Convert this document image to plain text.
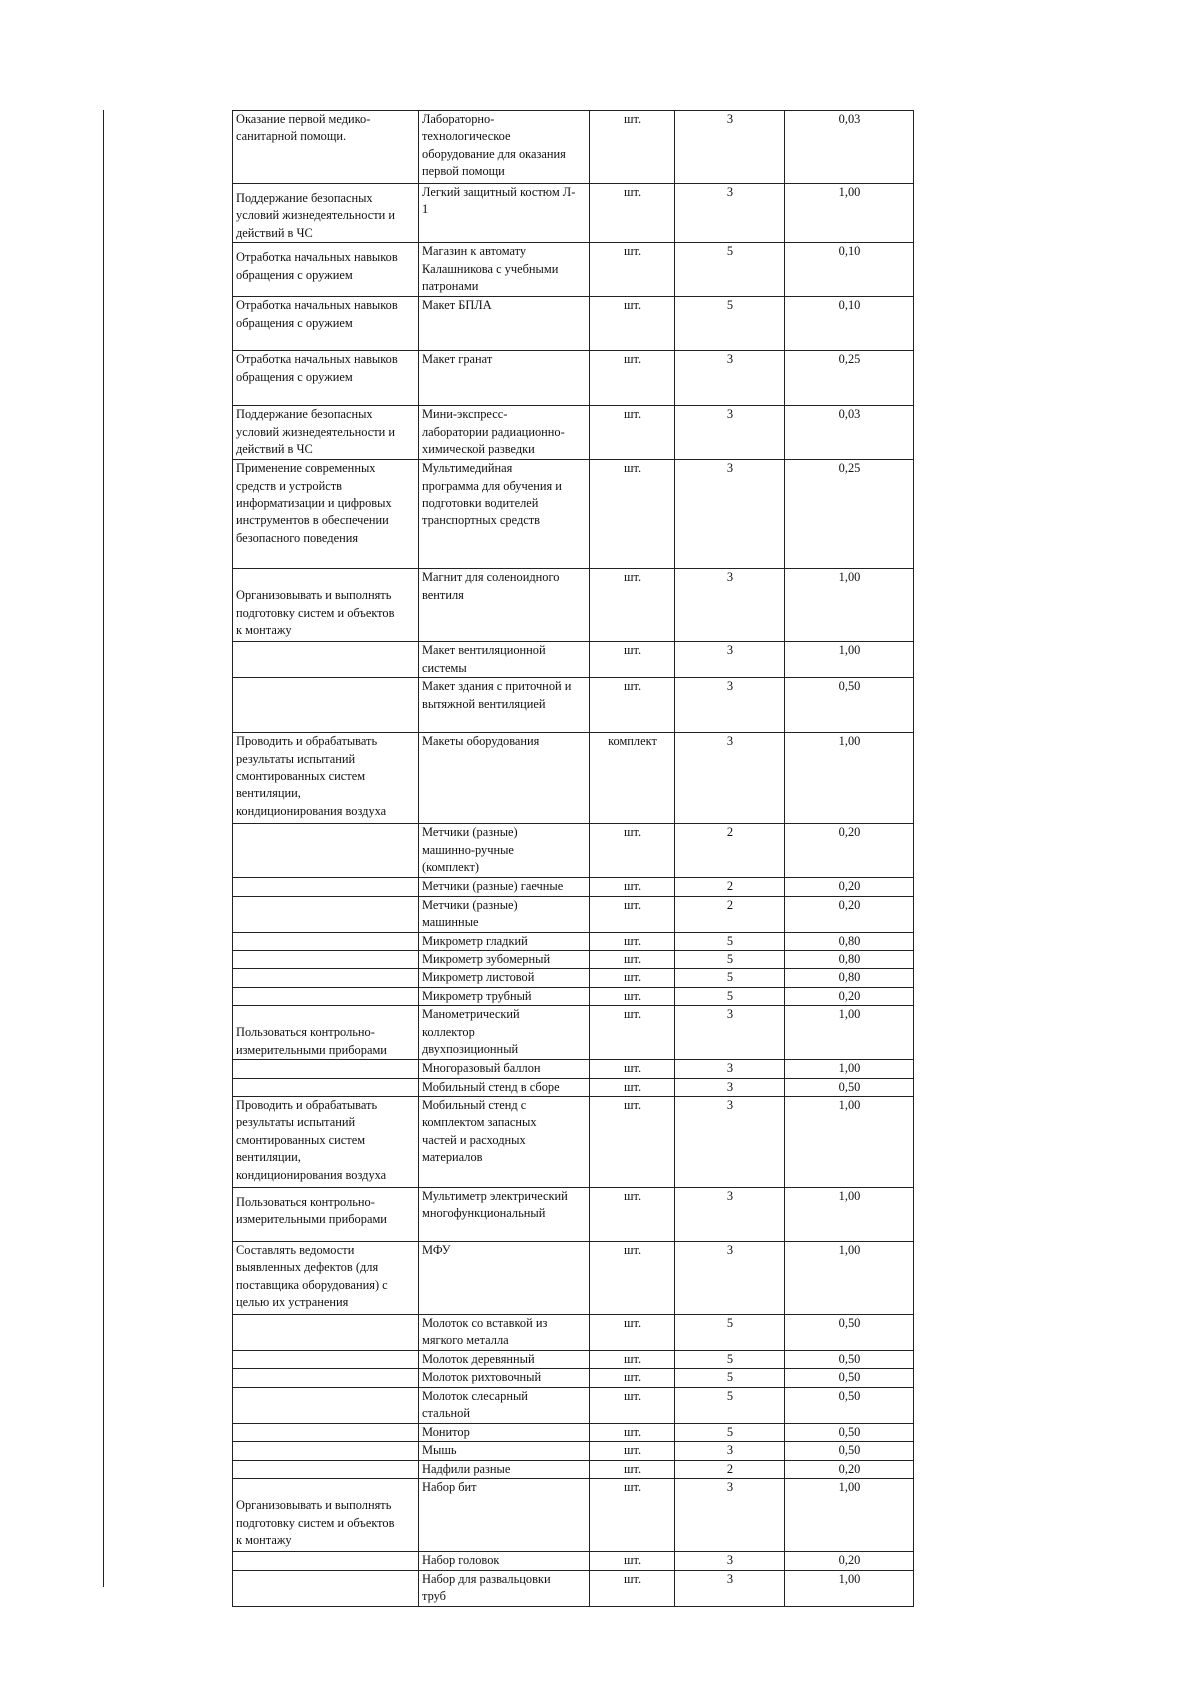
Оказание первой медико-
санитарной помощи.	Лабораторно-
технологическое
оборудование для оказания
первой помощи	шт.	3	0,03
Поддержание безопасных
условий жизнедеятельности и
действий в ЧС	Легкий защитный костюм Л-
1	шт.	3	1,00
Отработка начальных навыков
обращения с оружием	Магазин к автомату
Калашникова с учебными
патронами	шт.	5	0,10
Отработка начальных навыков
обращения с оружием	Макет БПЛА	шт.	5	0,10
Отработка начальных навыков
обращения с оружием	Макет гранат	шт.	3	0,25
Поддержание безопасных
условий жизнедеятельности и
действий в ЧС	Мини-экспресс-
лаборатории радиационно-
химической разведки	шт.	3	0,03
Применение современных
средств и устройств
информатизации и цифровых
инструментов в обеспечении
безопасного поведения	Мультимедийная
программа для обучения и
подготовки водителей
транспортных средств	шт.	3	0,25
Организовывать и выполнять
подготовку систем и объектов
к монтажу	Магнит для соленоидного
вентиля	шт.	3	1,00
	Макет вентиляционной
системы	шт.	3	1,00
	Макет здания с приточной и
вытяжной вентиляцией	шт.	3	0,50
Проводить и обрабатывать
результаты испытаний
смонтированных систем
вентиляции,
кондиционирования воздуха	Макеты оборудования	комплект	3	1,00
	Метчики (разные)
машинно-ручные
(комплект)	шт.	2	0,20
	Метчики (разные) гаечные	шт.	2	0,20
	Метчики (разные)
машинные	шт.	2	0,20
	Микрометр гладкий	шт.	5	0,80
	Микрометр зубомерный	шт.	5	0,80
	Микрометр листовой	шт.	5	0,80
	Микрометр трубный	шт.	5	0,20
Пользоваться контрольно-
измерительными приборами	Манометрический
коллектор
двухпозиционный	шт.	3	1,00
	Многоразовый баллон	шт.	3	1,00
	Мобильный стенд в сборе	шт.	3	0,50
Проводить и обрабатывать
результаты испытаний
смонтированных систем
вентиляции,
кондиционирования воздуха	Мобильный стенд с
комплектом запасных
частей и расходных
материалов	шт.	3	1,00
Пользоваться контрольно-
измерительными приборами	Мультиметр электрический
многофункциональный	шт.	3	1,00
Составлять ведомости
выявленных дефектов (для
поставщика оборудования) с
целью их устранения	МФУ	шт.	3	1,00
	Молоток со вставкой из
мягкого металла	шт.	5	0,50
	Молоток деревянный	шт.	5	0,50
	Молоток рихтовочный	шт.	5	0,50
	Молоток слесарный
стальной	шт.	5	0,50
	Монитор	шт.	5	0,50
	Мышь	шт.	3	0,50
	Надфили разные	шт.	2	0,20
Организовывать и выполнять
подготовку систем и объектов
к монтажу	Набор бит	шт.	3	1,00
	Набор головок	шт.	3	0,20
	Набор для развальцовки
труб	шт.	3	1,00
